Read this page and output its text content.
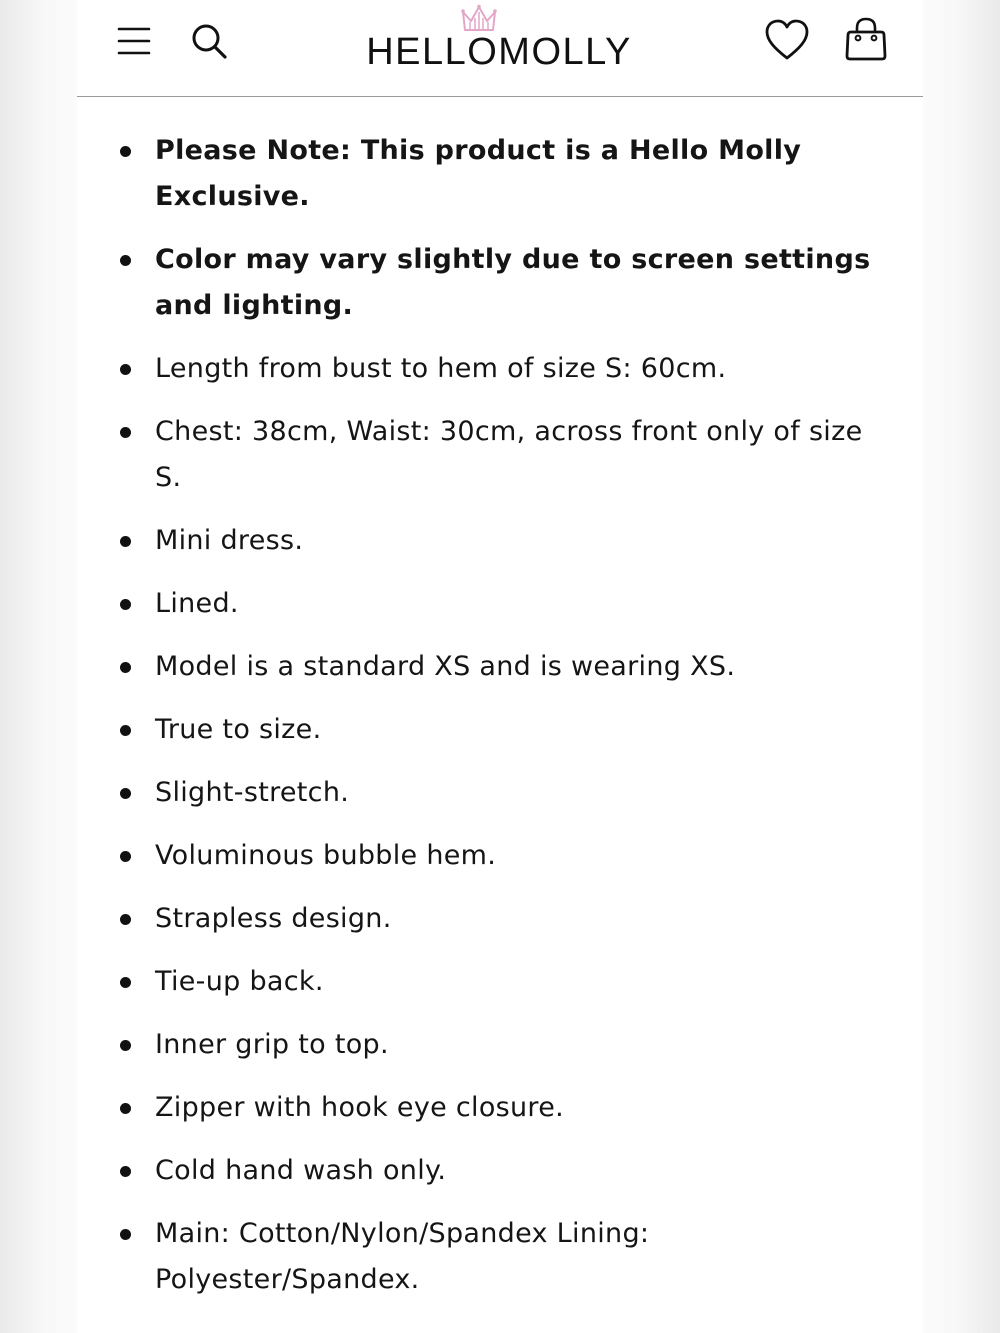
HELLOMOLLY
Please Note: This product is a Hello Molly Exclusive.
Color may vary slightly due to screen settings and lighting.
Length from bust to hem of size S: 60cm.
Chest: 38cm, Waist: 30cm, across front only of size S.
Mini dress.
Lined.
Model is a standard XS and is wearing XS.
True to size.
Slight-stretch.
Voluminous bubble hem.
Strapless design.
Tie-up back.
Inner grip to top.
Zipper with hook eye closure.
Cold hand wash only.
Main: Cotton/Nylon/Spandex Lining: Polyester/Spandex.
